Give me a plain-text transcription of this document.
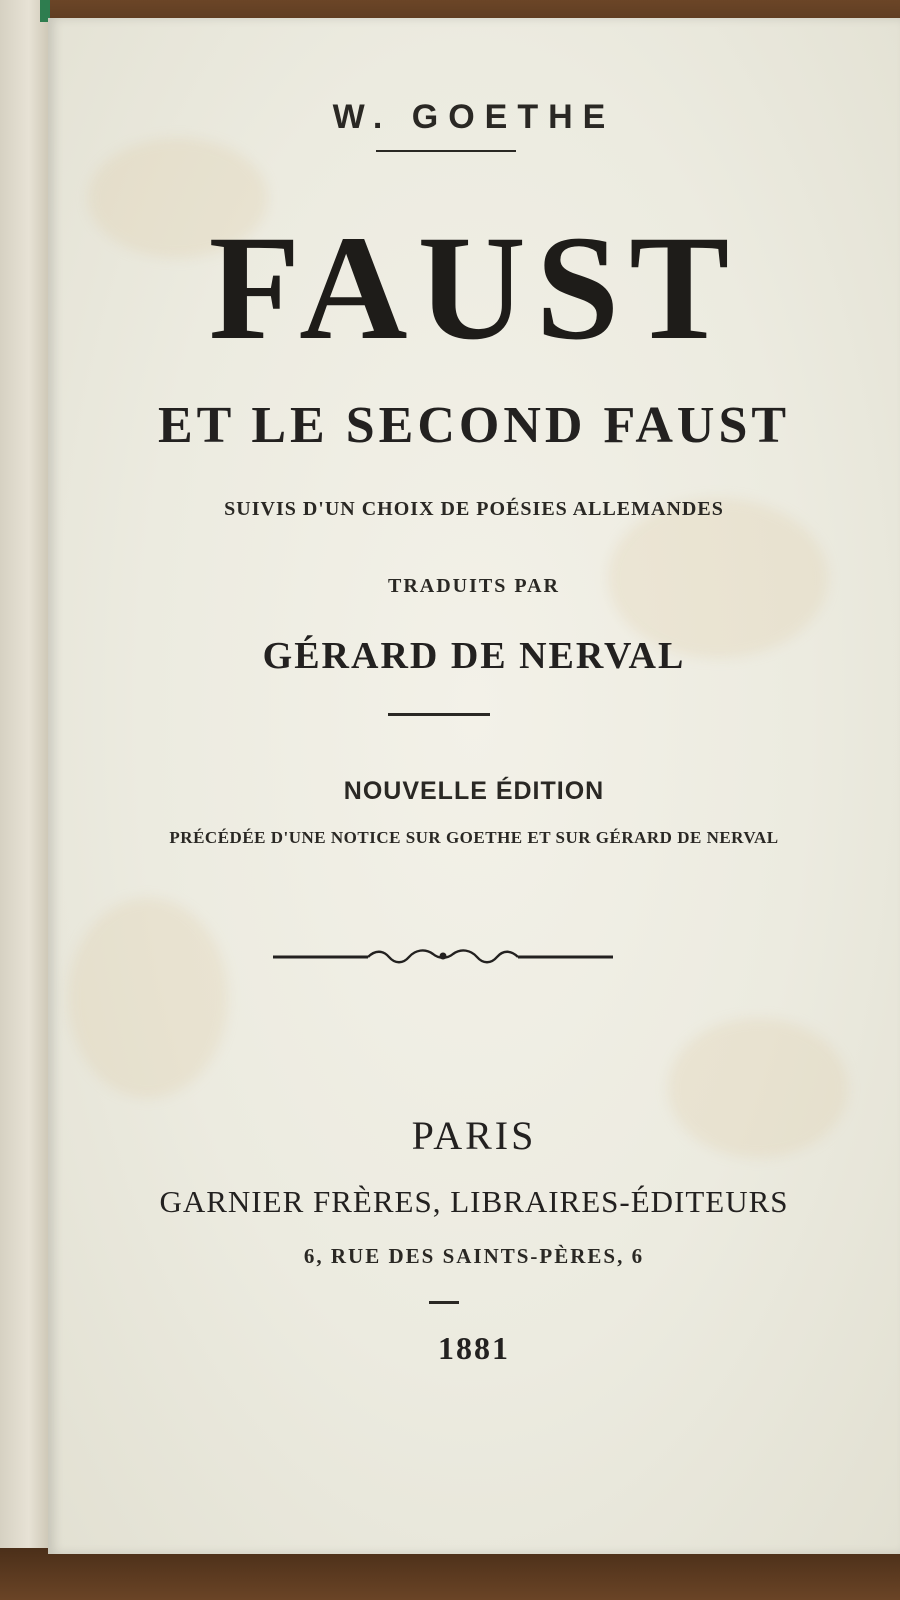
W. GOETHE

FAUST

ET LE SECOND FAUST

SUIVIS D'UN CHOIX DE POÉSIES ALLEMANDES

TRADUITS PAR

GÉRARD DE NERVAL

NOUVELLE ÉDITION

PRÉCÉDÉE D'UNE NOTICE SUR GOETHE ET SUR GÉRARD DE NERVAL

PARIS

GARNIER FRÈRES, LIBRAIRES-ÉDITEURS

6, RUE DES SAINTS-PÈRES, 6

1881
